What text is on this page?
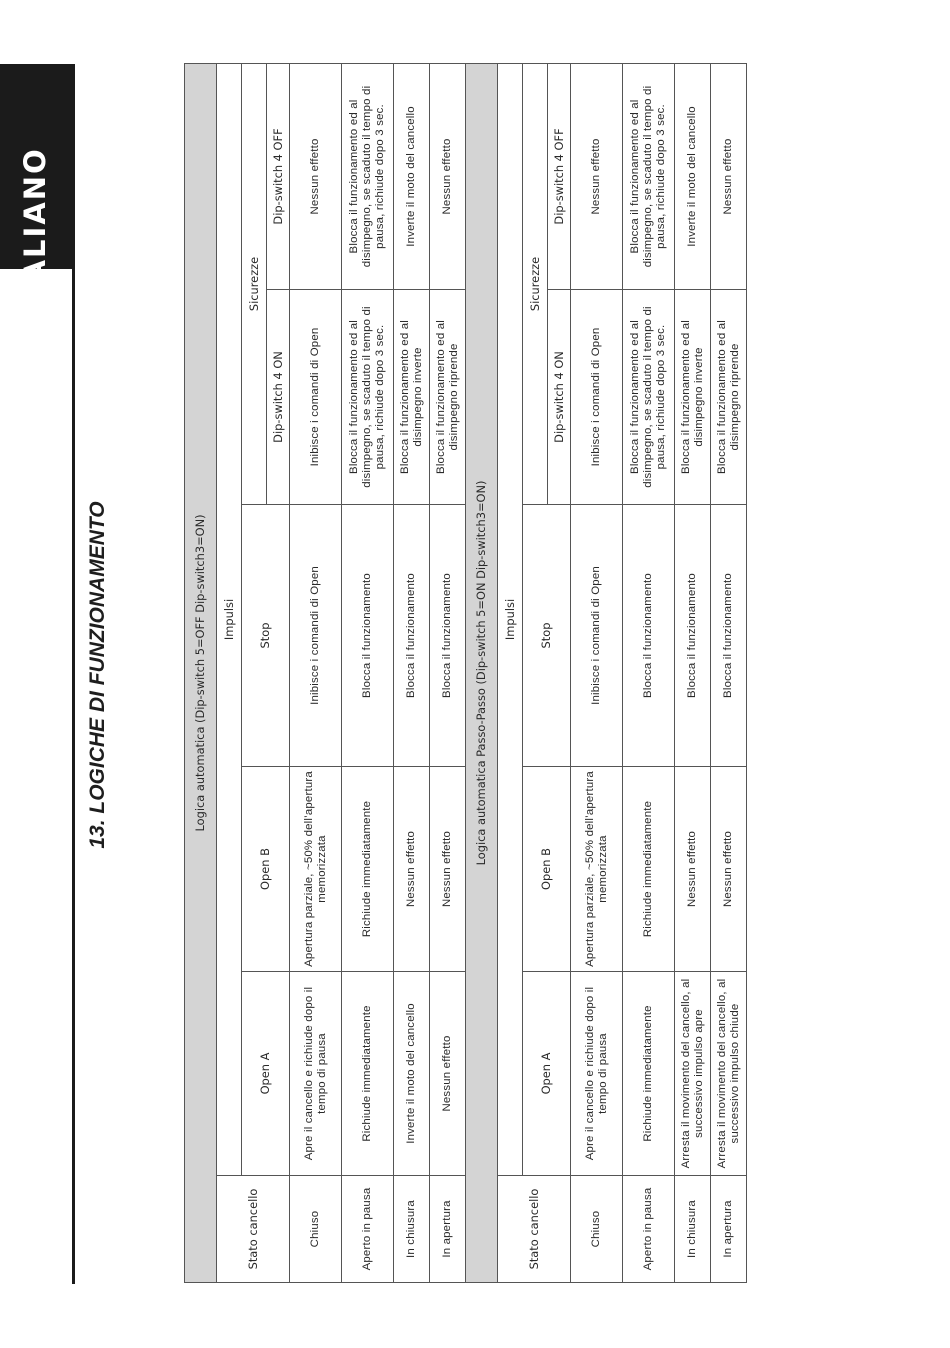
ITALIANO
13. LOGICHE DI FUNZIONAMENTO	Logica automatica (Dip-switch 5=OFF Dip-switch3=ON)					
Stato cancello	Impulsi				
	Open A	Open B	Stop	Sicurezze	
				Dip-switch 4 ON	Dip-switch 4 OFF
Chiuso	Apre il cancello e richiude dopo il tempo di pausa	Apertura parziale, ~50% dell’apertura memorizzata	Inibisce i comandi di Open	Inibisce i comandi di Open	Nessun effetto
Aperto in pausa	Richiude immediatamente	Richiude immediatamente	Blocca il funzionamento	Blocca il funzionamento ed al disimpegno, se scaduto il tempo di pausa, richiude dopo 3 sec.	Blocca il funzionamento ed al disimpegno, se scaduto il tempo di pausa, richiude dopo 3 sec.
In chiusura	Inverte il moto del cancello	Nessun effetto	Blocca il funzionamento	Blocca il funzionamento ed al disimpegno inverte	Inverte il moto del cancello
In apertura	Nessun effetto	Nessun effetto	Blocca il funzionamento	Blocca il funzionamento ed al disimpegno riprende	Nessun effetto
Logica automatica Passo-Passo (Dip-switch 5=ON Dip-switch3=ON)					
Stato cancello	Impulsi				
	Open A	Open B	Stop	Sicurezze	
				Dip-switch 4 ON	Dip-switch 4 OFF
Chiuso	Apre il cancello e richiude dopo il tempo di pausa	Apertura parziale, ~50% dell’apertura memorizzata	Inibisce i comandi di Open	Inibisce i comandi di Open	Nessun effetto
Aperto in pausa	Richiude immediatamente	Richiude immediatamente	Blocca il funzionamento	Blocca il funzionamento ed al disimpegno, se scaduto il tempo di pausa, richiude dopo 3 sec.	Blocca il funzionamento ed al disimpegno, se scaduto il tempo di pausa, richiude dopo 3 sec.
In chiusura	Arresta il movimento del cancello, al successivo impulso apre	Nessun effetto	Blocca il funzionamento	Blocca il funzionamento ed al disimpegno inverte	Inverte il moto del cancello
In apertura	Arresta il movimento del cancello, al successivo impulso chiude	Nessun effetto	Blocca il funzionamento	Blocca il funzionamento ed al disimpegno riprende	Nessun effetto
